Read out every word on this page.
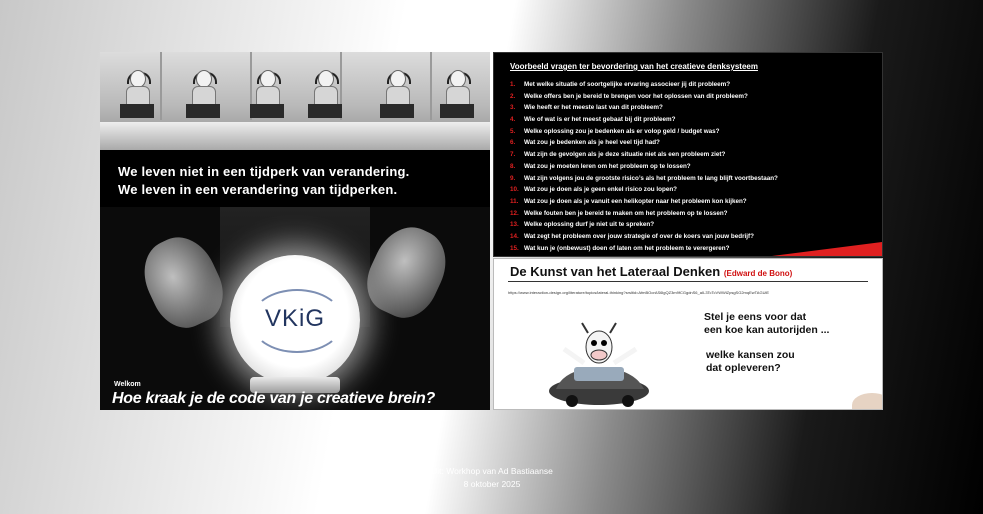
We leven niet in een tijdperk van verandering.
We leven in een verandering van tijdperken.
VKiG
Welkom
Hoe kraak je de code van je creatieve brein?
Voorbeeld vragen ter bevordering van het creatieve denksysteem
1. Met welke situatie of soortgelijke ervaring associeer jij dit probleem?
2. Welke offers ben je bereid te brengen voor het oplossen van dit probleem?
3. Wie heeft er het meeste last van dit probleem?
4. Wie of wat is er het meest gebaat bij dit probleem?
5. Welke oplossing zou je bedenken als er volop geld / budget was?
6. Wat zou je bedenken als je heel veel tijd had?
7. Wat zijn de gevolgen als je deze situatie niet als een probleem ziet?
8. Wat zou je moeten leren om het probleem op te lossen?
9. Wat zijn volgens jou de grootste risico’s als het probleem te lang blijft voortbestaan?
10. Wat zou je doen als je geen enkel risico zou lopen?
11. Wat zou je doen als je vanuit een helikopter naar het probleem kon kijken?
12. Welke fouten ben je bereid te maken om het probleem op te lossen?
13. Welke oplossing durf je niet uit te spreken?
14. Wat zegt het probleem over jouw strategie of over de koers van jouw bedrijf?
15. Wat kun je (onbewust) doen of laten om het probleem te verergeren?
De Kunst van het Lateraal Denken (Edward de Bono)
https://www.interaction-design.org/literature/topics/lateral-thinking?srsltid=AfmBOorAS6lgQZ3m9fCGgdnS6_aIL3TcTcVWWiZpsgSG2mqEwTAGUiE
Stel je eens voor dat
een koe kan autorijden ...
welke kansen zou
dat opleveren?
Uit: Workhop van Ad Bastiaanse
8 oktober 2025
